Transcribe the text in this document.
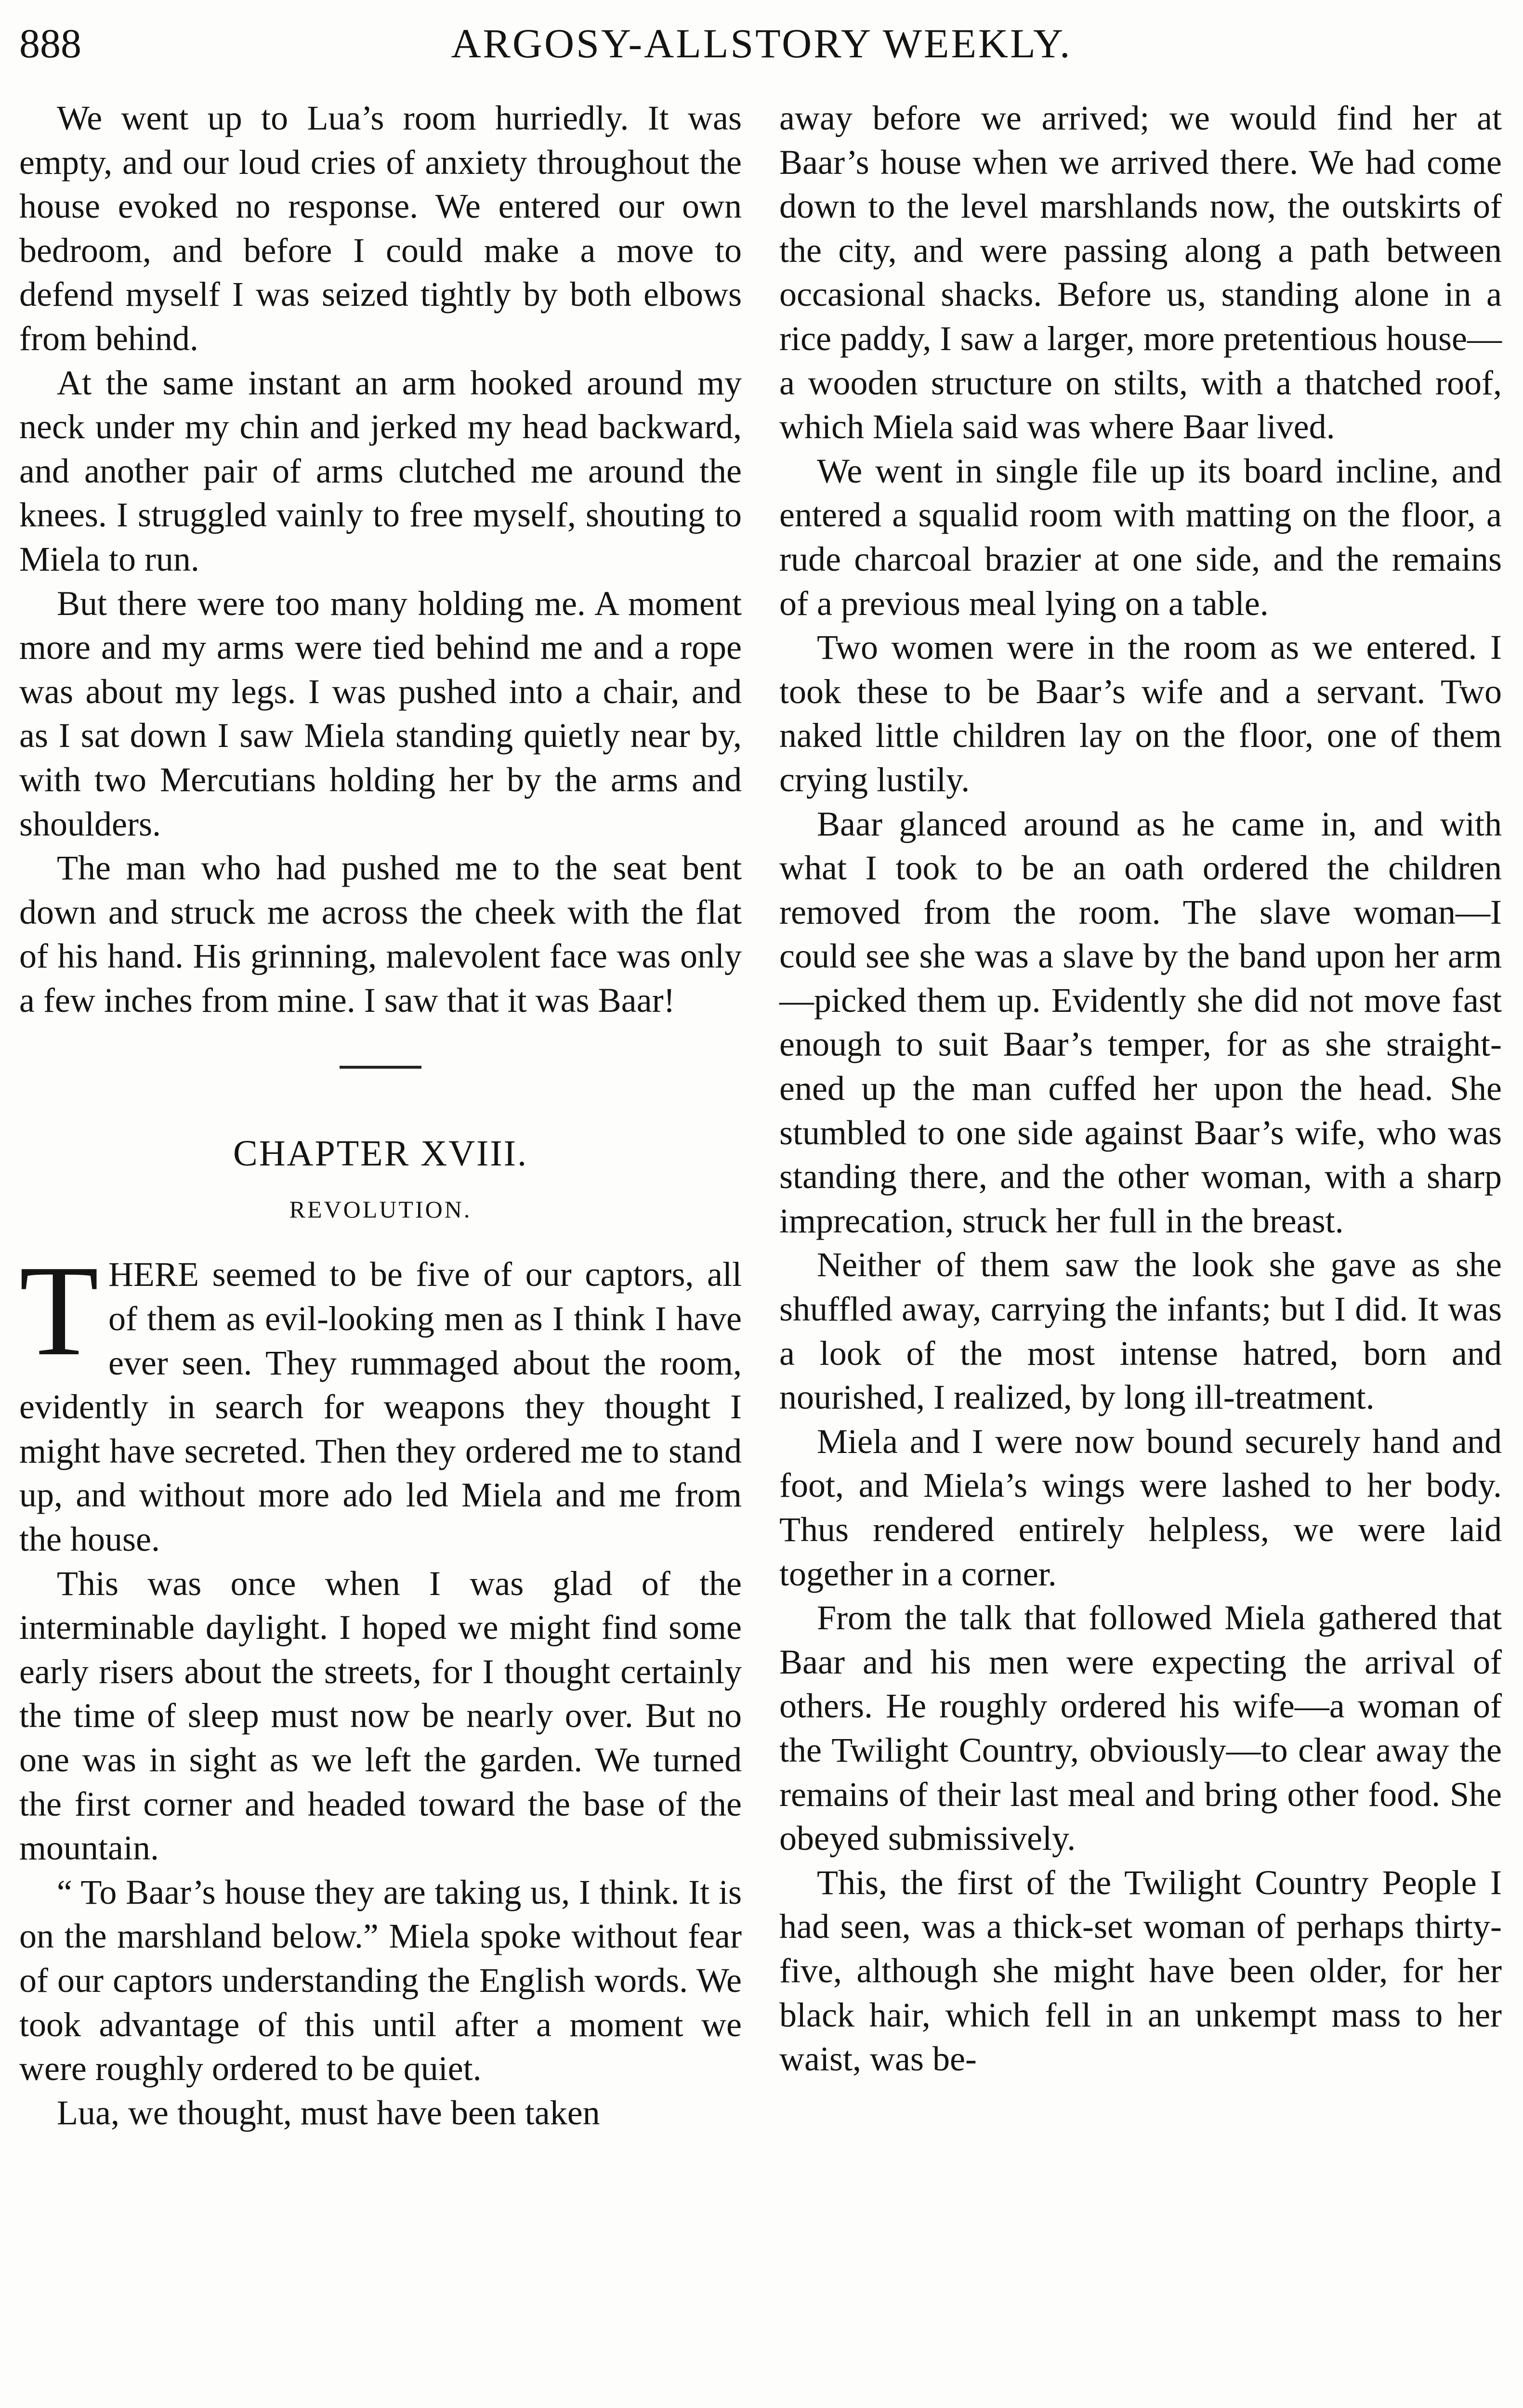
888	ARGOSY-ALLSTORY WEEKLY.

We went up to Lua’s room hurriedly. It was empty, and our loud cries of anxiety throughout the house evoked no response. We entered our own bedroom, and before I could make a move to defend myself I was seized tightly by both elbows from behind.

At the same instant an arm hooked around my neck under my chin and jerked my head backward, and another pair of arms clutched me around the knees. I struggled vainly to free myself, shouting to Miela to run.

But there were too many holding me. A moment more and my arms were tied behind me and a rope was about my legs. I was pushed into a chair, and as I sat down I saw Miela standing quietly near by, with two Mercutians holding her by the arms and shoulders.

The man who had pushed me to the seat bent down and struck me across the cheek with the flat of his hand. His grinning, malevolent face was only a few inches from mine. I saw that it was Baar!

CHAPTER XVIII.
REVOLUTION.

THERE seemed to be five of our captors, all of them as evil-looking men as I think I have ever seen. They rummaged about the room, evidently in search for weapons they thought I might have secreted. Then they ordered me to stand up, and without more ado led Miela and me from the house.

This was once when I was glad of the interminable daylight. I hoped we might find some early risers about the streets, for I thought certainly the time of sleep must now be nearly over. But no one was in sight as we left the garden. We turned the first corner and headed toward the base of the mountain.

“ To Baar’s house they are taking us, I think. It is on the marshland below.” Miela spoke without fear of our captors understanding the English words. We took advantage of this until after a moment we were roughly ordered to be quiet.

Lua, we thought, must have been taken

away before we arrived; we would find her at Baar’s house when we arrived there. We had come down to the level marshlands now, the outskirts of the city, and were passing along a path between occasional shacks. Before us, standing alone in a rice paddy, I saw a larger, more pretentious house—a wooden structure on stilts, with a thatched roof, which Miela said was where Baar lived.

We went in single file up its board incline, and entered a squalid room with matting on the floor, a rude charcoal brazier at one side, and the remains of a previous meal lying on a table.

Two women were in the room as we entered. I took these to be Baar’s wife and a servant. Two naked little children lay on the floor, one of them crying lustily.

Baar glanced around as he came in, and with what I took to be an oath ordered the children removed from the room. The slave woman—I could see she was a slave by the band upon her arm—picked them up. Evidently she did not move fast enough to suit Baar’s temper, for as she straightened up the man cuffed her upon the head. She stumbled to one side against Baar’s wife, who was standing there, and the other woman, with a sharp imprecation, struck her full in the breast.

Neither of them saw the look she gave as she shuffled away, carrying the infants; but I did. It was a look of the most intense hatred, born and nourished, I realized, by long ill-treatment.

Miela and I were now bound securely hand and foot, and Miela’s wings were lashed to her body. Thus rendered entirely helpless, we were laid together in a corner.

From the talk that followed Miela gathered that Baar and his men were expecting the arrival of others. He roughly ordered his wife—a woman of the Twilight Country, obviously—to clear away the remains of their last meal and bring other food. She obeyed submissively.

This, the first of the Twilight Country People I had seen, was a thick-set woman of perhaps thirty-five, although she might have been older, for her black hair, which fell in an unkempt mass to her waist, was be-
